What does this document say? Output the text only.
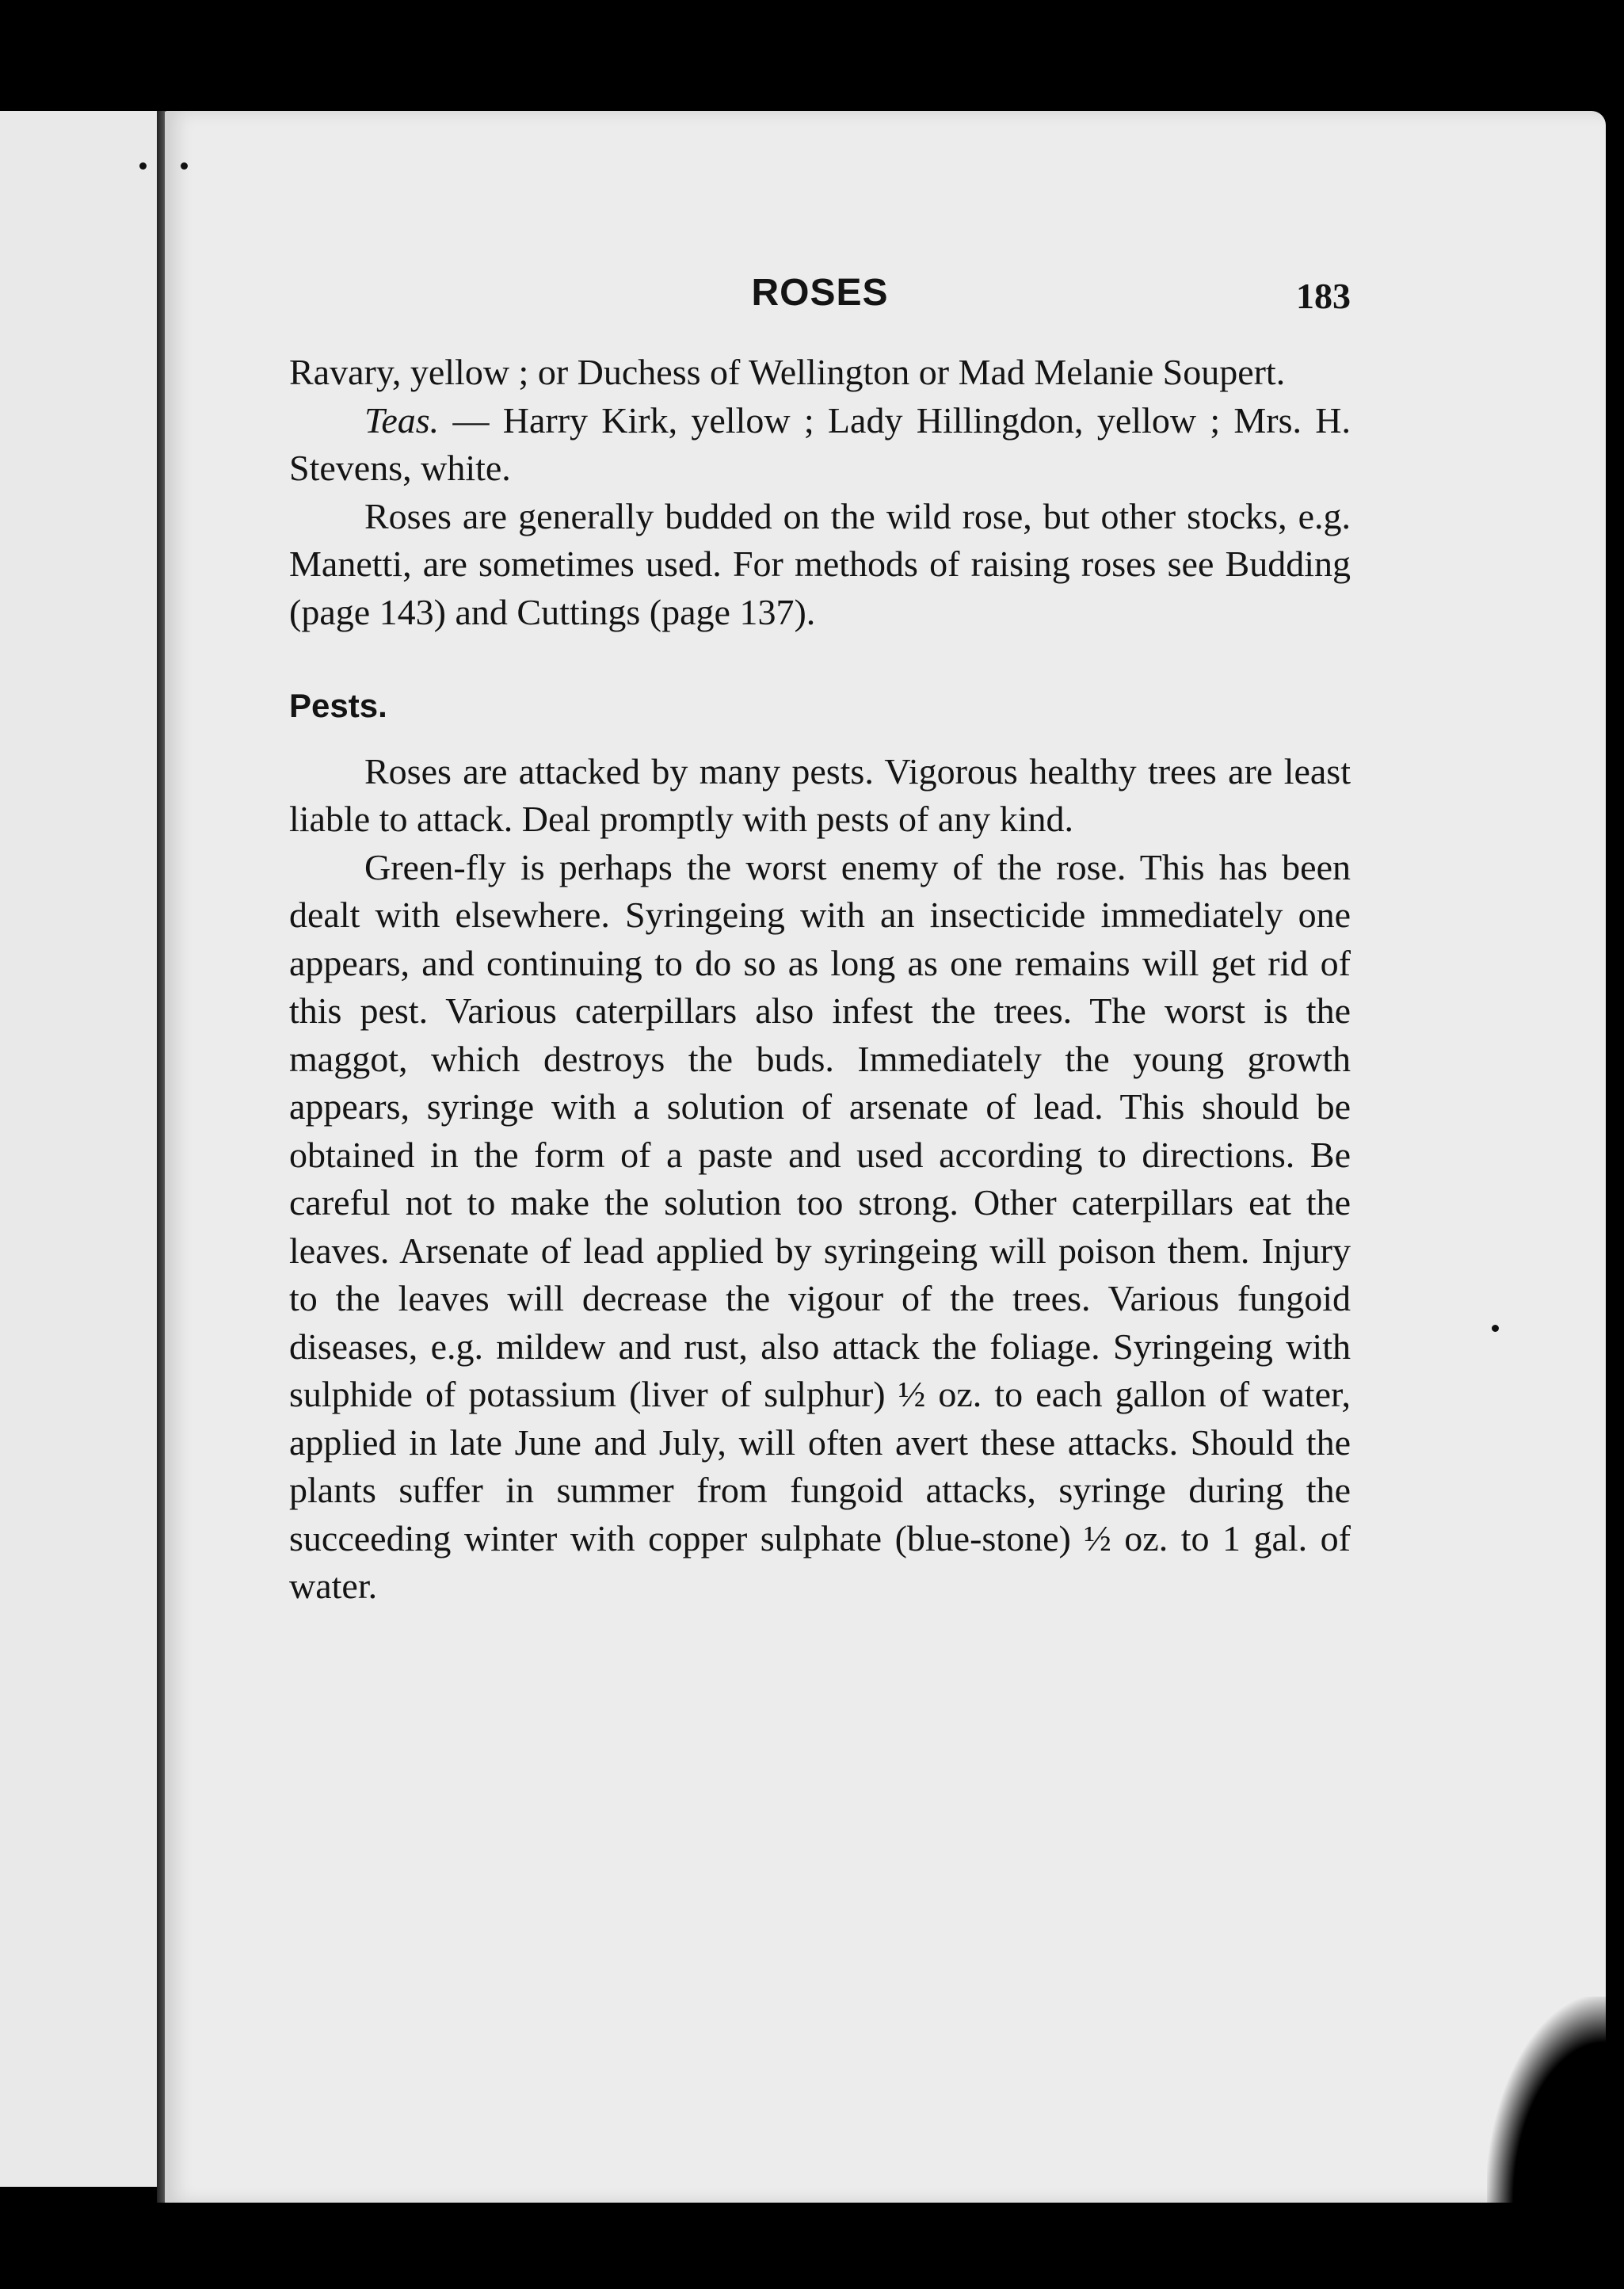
ROSES	183

Ravary, yellow ; or Duchess of Wellington or Mad Melanie Soupert.

Teas. — Harry Kirk, yellow ; Lady Hillingdon, yellow ; Mrs. H. Stevens, white.

Roses are generally budded on the wild rose, but other stocks, e.g. Manetti, are sometimes used. For methods of raising roses see Budding (page 143) and Cuttings (page 137).

Pests.

Roses are attacked by many pests. Vigorous healthy trees are least liable to attack. Deal promptly with pests of any kind.

Green-fly is perhaps the worst enemy of the rose. This has been dealt with elsewhere. Syringeing with an insecticide immediately one appears, and continuing to do so as long as one remains will get rid of this pest. Various caterpillars also infest the trees. The worst is the maggot, which destroys the buds. Immediately the young growth appears, syringe with a solution of arsenate of lead. This should be obtained in the form of a paste and used according to directions. Be careful not to make the solution too strong. Other caterpillars eat the leaves. Arsenate of lead applied by syringeing will poison them. Injury to the leaves will decrease the vigour of the trees. Various fungoid diseases, e.g. mildew and rust, also attack the foliage. Syringeing with sulphide of potassium (liver of sulphur) ½ oz. to each gallon of water, applied in late June and July, will often avert these attacks. Should the plants suffer in summer from fungoid attacks, syringe during the succeeding winter with copper sulphate (blue-stone) ½ oz. to 1 gal. of water.
